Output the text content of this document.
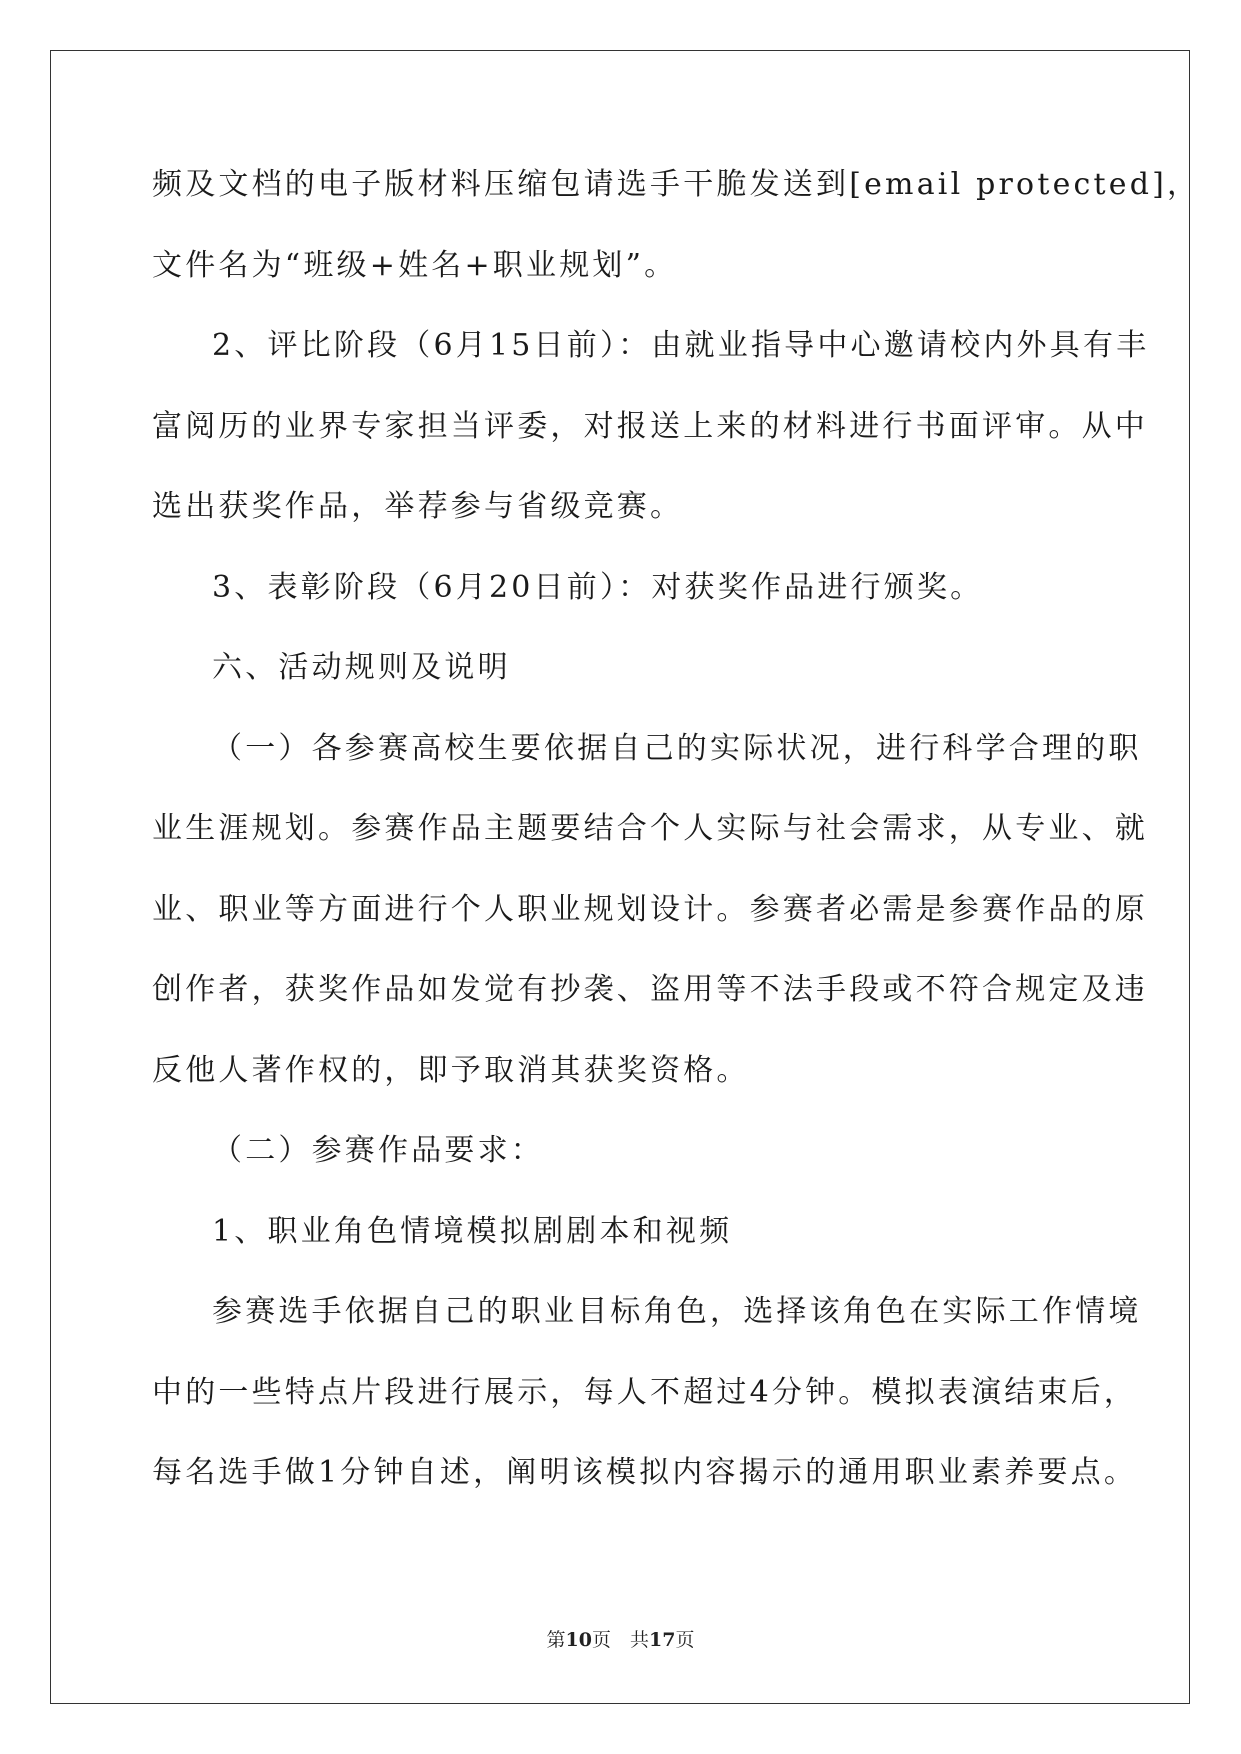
频及文档的电子版材料压缩包请选手干脆发送到[email protected]，
文件名为“班级+姓名+职业规划”。
2、评比阶段（6月15日前）：由就业指导中心邀请校内外具有丰
富阅历的业界专家担当评委，对报送上来的材料进行书面评审。从中
选出获奖作品，举荐参与省级竞赛。
3、表彰阶段（6月20日前）：对获奖作品进行颁奖。
六、活动规则及说明
（一）各参赛高校生要依据自己的实际状况，进行科学合理的职
业生涯规划。参赛作品主题要结合个人实际与社会需求，从专业、就
业、职业等方面进行个人职业规划设计。参赛者必需是参赛作品的原
创作者，获奖作品如发觉有抄袭、盗用等不法手段或不符合规定及违
反他人著作权的，即予取消其获奖资格。
（二）参赛作品要求：
1、职业角色情境模拟剧剧本和视频
参赛选手依据自己的职业目标角色，选择该角色在实际工作情境
中的一些特点片段进行展示，每人不超过4分钟。模拟表演结束后，
每名选手做1分钟自述，阐明该模拟内容揭示的通用职业素养要点。
第10页　共17页
